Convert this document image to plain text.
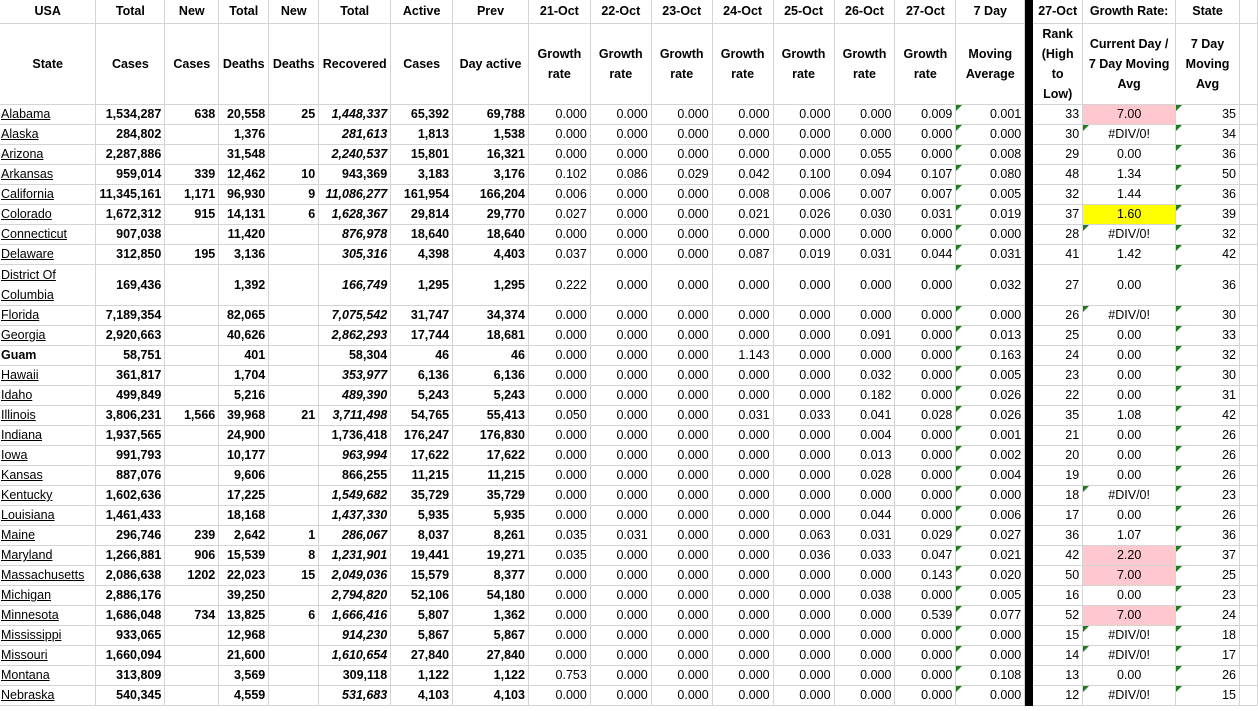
USA	Total	New	Total	New	Total	Active	Prev	21-Oct	22-Oct	23-Oct	24-Oct	25-Oct	26-Oct	27-Oct	7 Day		27-Oct	Growth Rate:	State	
State	Cases	Cases	Deaths	Deaths	Recovered	Cases	Day active	Growth rate	Growth rate	Growth rate	Growth rate	Growth rate	Growth rate	Growth rate	Moving Average		Rank (High to Low)	Current Day / 7 Day Moving Avg	7 Day Moving Avg	
Alabama	1,534,287	638	20,558	25	1,448,337	65,392	69,788	0.000	0.000	0.000	0.000	0.000	0.000	0.009	0.001		33	7.00	35	
Alaska	284,802		1,376		281,613	1,813	1,538	0.000	0.000	0.000	0.000	0.000	0.000	0.000	0.000		30	#DIV/0!	34	
Arizona	2,287,886		31,548		2,240,537	15,801	16,321	0.000	0.000	0.000	0.000	0.000	0.055	0.000	0.008		29	0.00	36	
Arkansas	959,014	339	12,462	10	943,369	3,183	3,176	0.102	0.086	0.029	0.042	0.100	0.094	0.107	0.080		48	1.34	50	
California	11,345,161	1,171	96,930	9	11,086,277	161,954	166,204	0.006	0.000	0.000	0.008	0.006	0.007	0.007	0.005		32	1.44	36	
Colorado	1,672,312	915	14,131	6	1,628,367	29,814	29,770	0.027	0.000	0.000	0.021	0.026	0.030	0.031	0.019		37	1.60	39	
Connecticut	907,038		11,420		876,978	18,640	18,640	0.000	0.000	0.000	0.000	0.000	0.000	0.000	0.000		28	#DIV/0!	32	
Delaware	312,850	195	3,136		305,316	4,398	4,403	0.037	0.000	0.000	0.087	0.019	0.031	0.044	0.031		41	1.42	42	
District Of Columbia	169,436		1,392		166,749	1,295	1,295	0.222	0.000	0.000	0.000	0.000	0.000	0.000	0.032		27	0.00	36	
Florida	7,189,354		82,065		7,075,542	31,747	34,374	0.000	0.000	0.000	0.000	0.000	0.000	0.000	0.000		26	#DIV/0!	30	
Georgia	2,920,663		40,626		2,862,293	17,744	18,681	0.000	0.000	0.000	0.000	0.000	0.091	0.000	0.013		25	0.00	33	
Guam	58,751		401		58,304	46	46	0.000	0.000	0.000	1.143	0.000	0.000	0.000	0.163		24	0.00	32	
Hawaii	361,817		1,704		353,977	6,136	6,136	0.000	0.000	0.000	0.000	0.000	0.032	0.000	0.005		23	0.00	30	
Idaho	499,849		5,216		489,390	5,243	5,243	0.000	0.000	0.000	0.000	0.000	0.182	0.000	0.026		22	0.00	31	
Illinois	3,806,231	1,566	39,968	21	3,711,498	54,765	55,413	0.050	0.000	0.000	0.031	0.033	0.041	0.028	0.026		35	1.08	42	
Indiana	1,937,565		24,900		1,736,418	176,247	176,830	0.000	0.000	0.000	0.000	0.000	0.004	0.000	0.001		21	0.00	26	
Iowa	991,793		10,177		963,994	17,622	17,622	0.000	0.000	0.000	0.000	0.000	0.013	0.000	0.002		20	0.00	26	
Kansas	887,076		9,606		866,255	11,215	11,215	0.000	0.000	0.000	0.000	0.000	0.028	0.000	0.004		19	0.00	26	
Kentucky	1,602,636		17,225		1,549,682	35,729	35,729	0.000	0.000	0.000	0.000	0.000	0.000	0.000	0.000		18	#DIV/0!	23	
Louisiana	1,461,433		18,168		1,437,330	5,935	5,935	0.000	0.000	0.000	0.000	0.000	0.044	0.000	0.006		17	0.00	26	
Maine	296,746	239	2,642	1	286,067	8,037	8,261	0.035	0.031	0.000	0.000	0.063	0.031	0.029	0.027		36	1.07	36	
Maryland	1,266,881	906	15,539	8	1,231,901	19,441	19,271	0.035	0.000	0.000	0.000	0.036	0.033	0.047	0.021		42	2.20	37	
Massachusetts	2,086,638	1202	22,023	15	2,049,036	15,579	8,377	0.000	0.000	0.000	0.000	0.000	0.000	0.143	0.020		50	7.00	25	
Michigan	2,886,176		39,250		2,794,820	52,106	54,180	0.000	0.000	0.000	0.000	0.000	0.038	0.000	0.005		16	0.00	23	
Minnesota	1,686,048	734	13,825	6	1,666,416	5,807	1,362	0.000	0.000	0.000	0.000	0.000	0.000	0.539	0.077		52	7.00	24	
Mississippi	933,065		12,968		914,230	5,867	5,867	0.000	0.000	0.000	0.000	0.000	0.000	0.000	0.000		15	#DIV/0!	18	
Missouri	1,660,094		21,600		1,610,654	27,840	27,840	0.000	0.000	0.000	0.000	0.000	0.000	0.000	0.000		14	#DIV/0!	17	
Montana	313,809		3,569		309,118	1,122	1,122	0.753	0.000	0.000	0.000	0.000	0.000	0.000	0.108		13	0.00	26	
Nebraska	540,345		4,559		531,683	4,103	4,103	0.000	0.000	0.000	0.000	0.000	0.000	0.000	0.000		12	#DIV/0!	15	
